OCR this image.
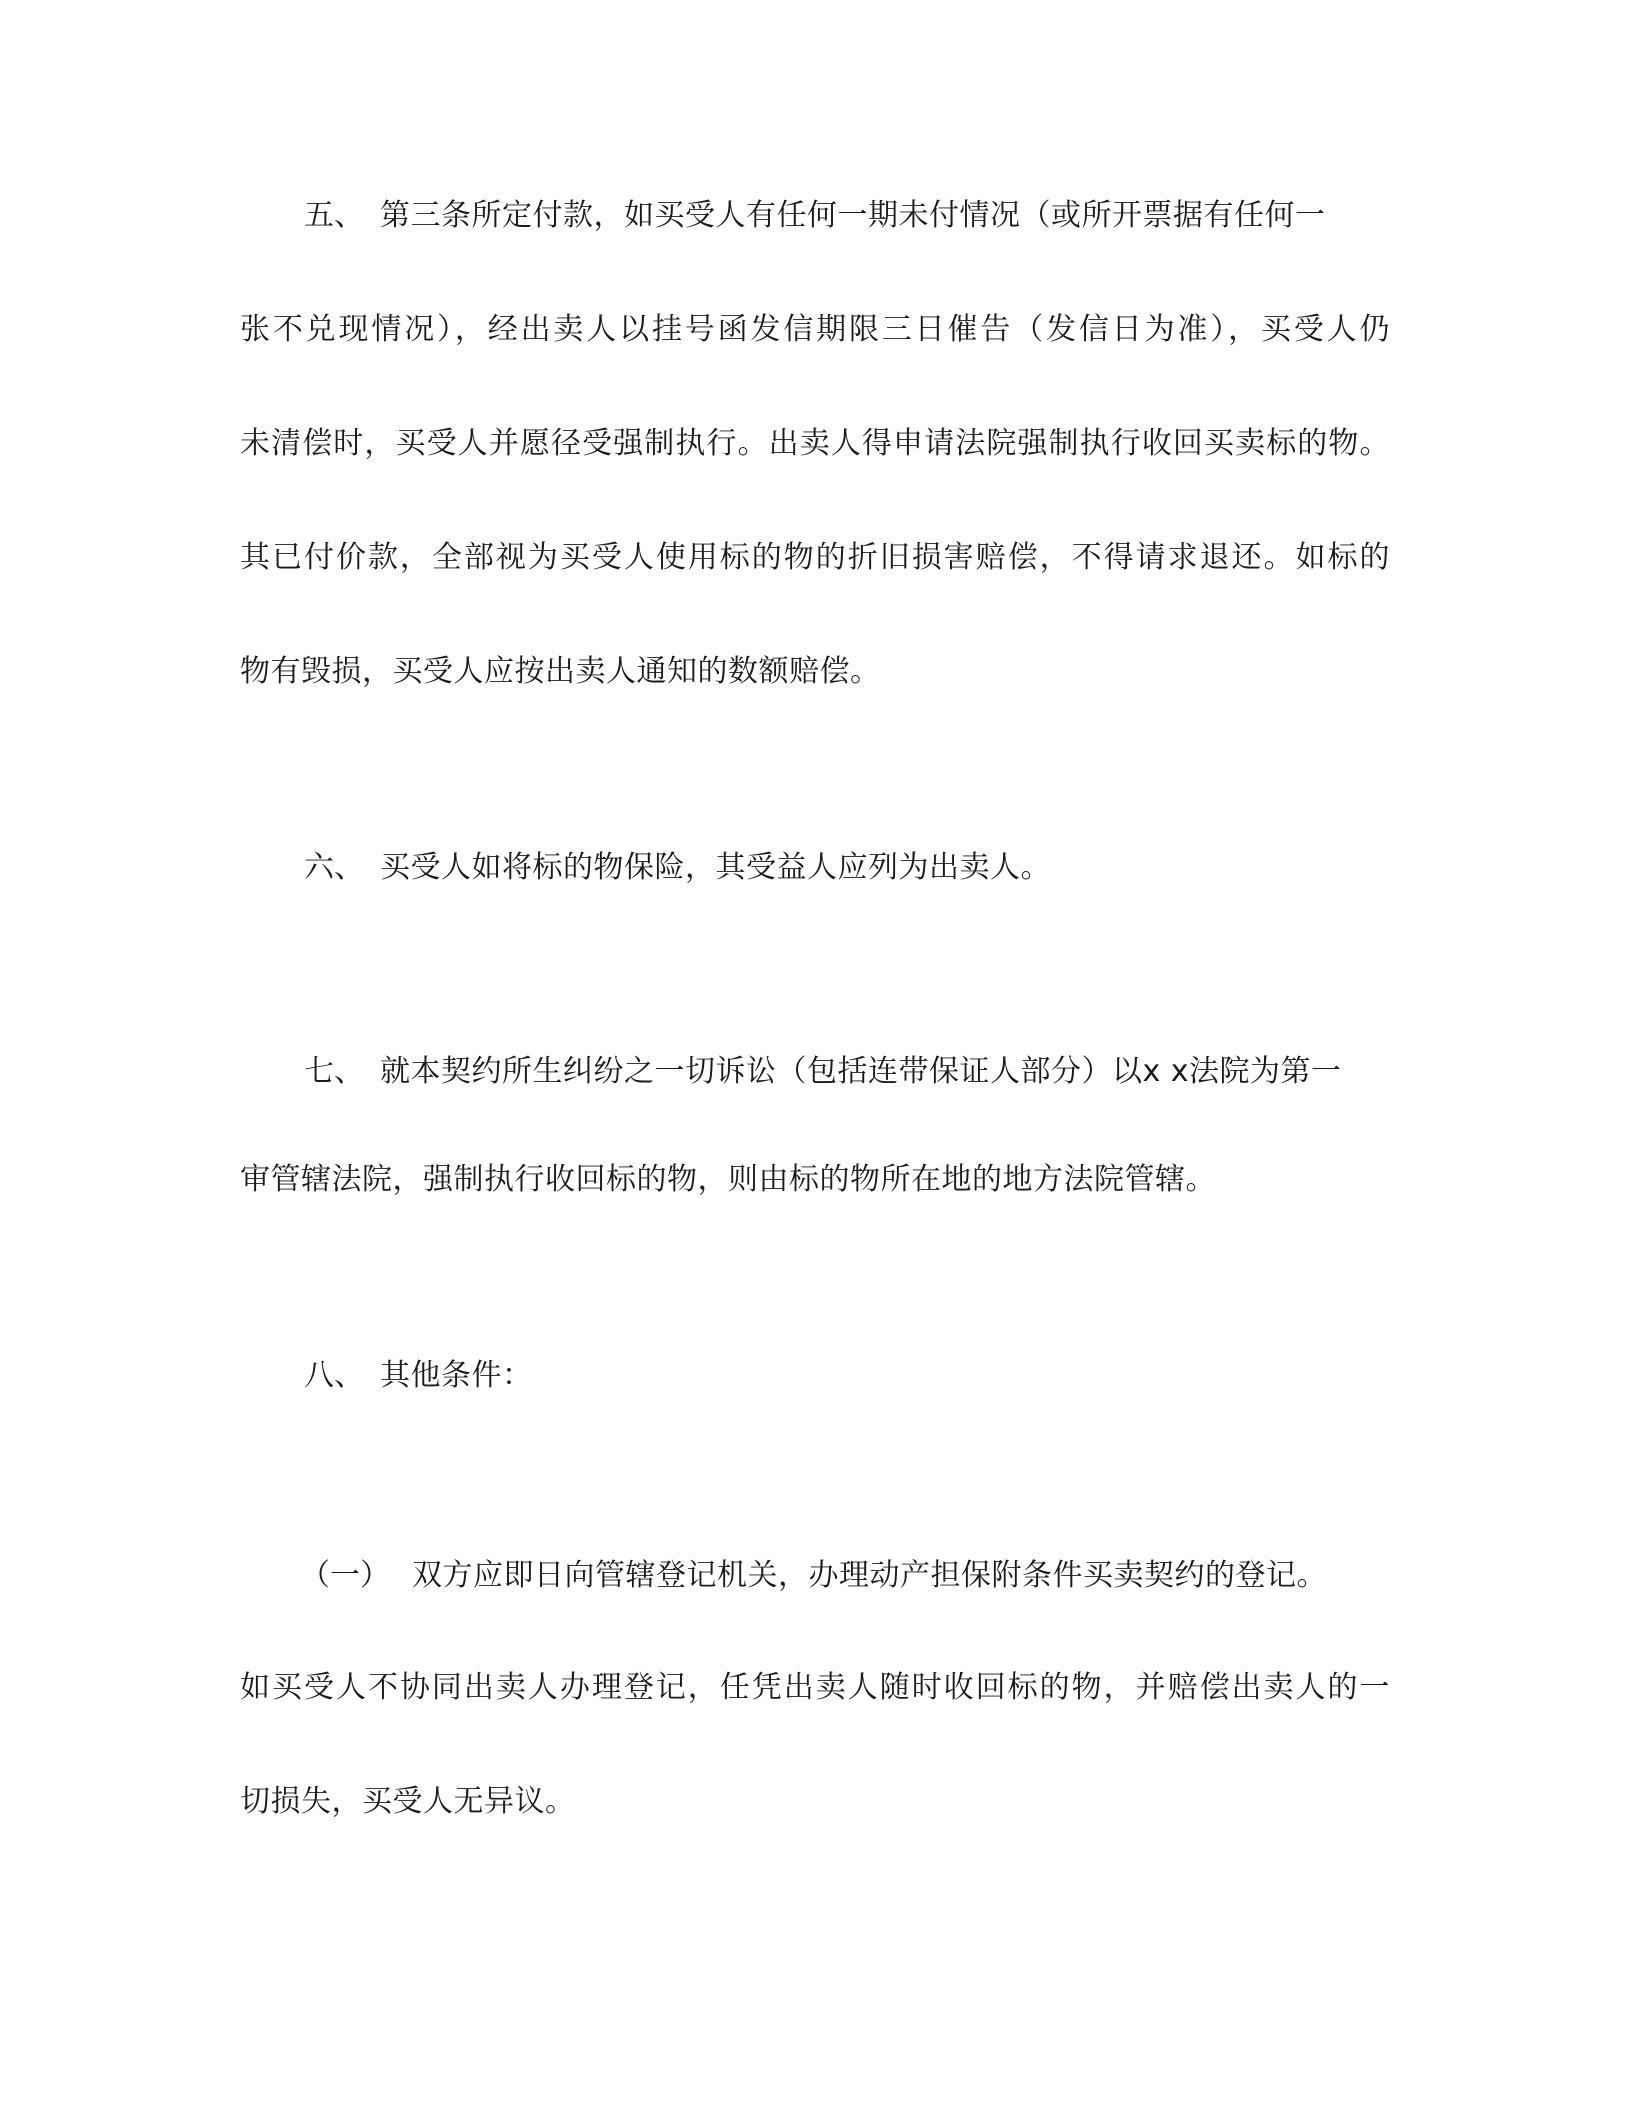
五、 第三条所定付款，如买受人有任何一期未付情况（或所开票据有任何一
张不兑现情况），经出卖人以挂号函发信期限三日催告（发信日为准），买受人仍
未清偿时，买受人并愿径受强制执行。出卖人得申请法院强制执行收回买卖标的物。
其已付价款，全部视为买受人使用标的物的折旧损害赔偿，不得请求退还。如标的
物有毁损，买受人应按出卖人通知的数额赔偿。
六、 买受人如将标的物保险，其受益人应列为出卖人。
七、 就本契约所生纠纷之一切诉讼（包括连带保证人部分）以x x法院为第一
审管辖法院，强制执行收回标的物，则由标的物所在地的地方法院管辖。
八、 其他条件：
（一） 双方应即日向管辖登记机关，办理动产担保附条件买卖契约的登记。
如买受人不协同出卖人办理登记，任凭出卖人随时收回标的物，并赔偿出卖人的一
切损失，买受人无异议。
